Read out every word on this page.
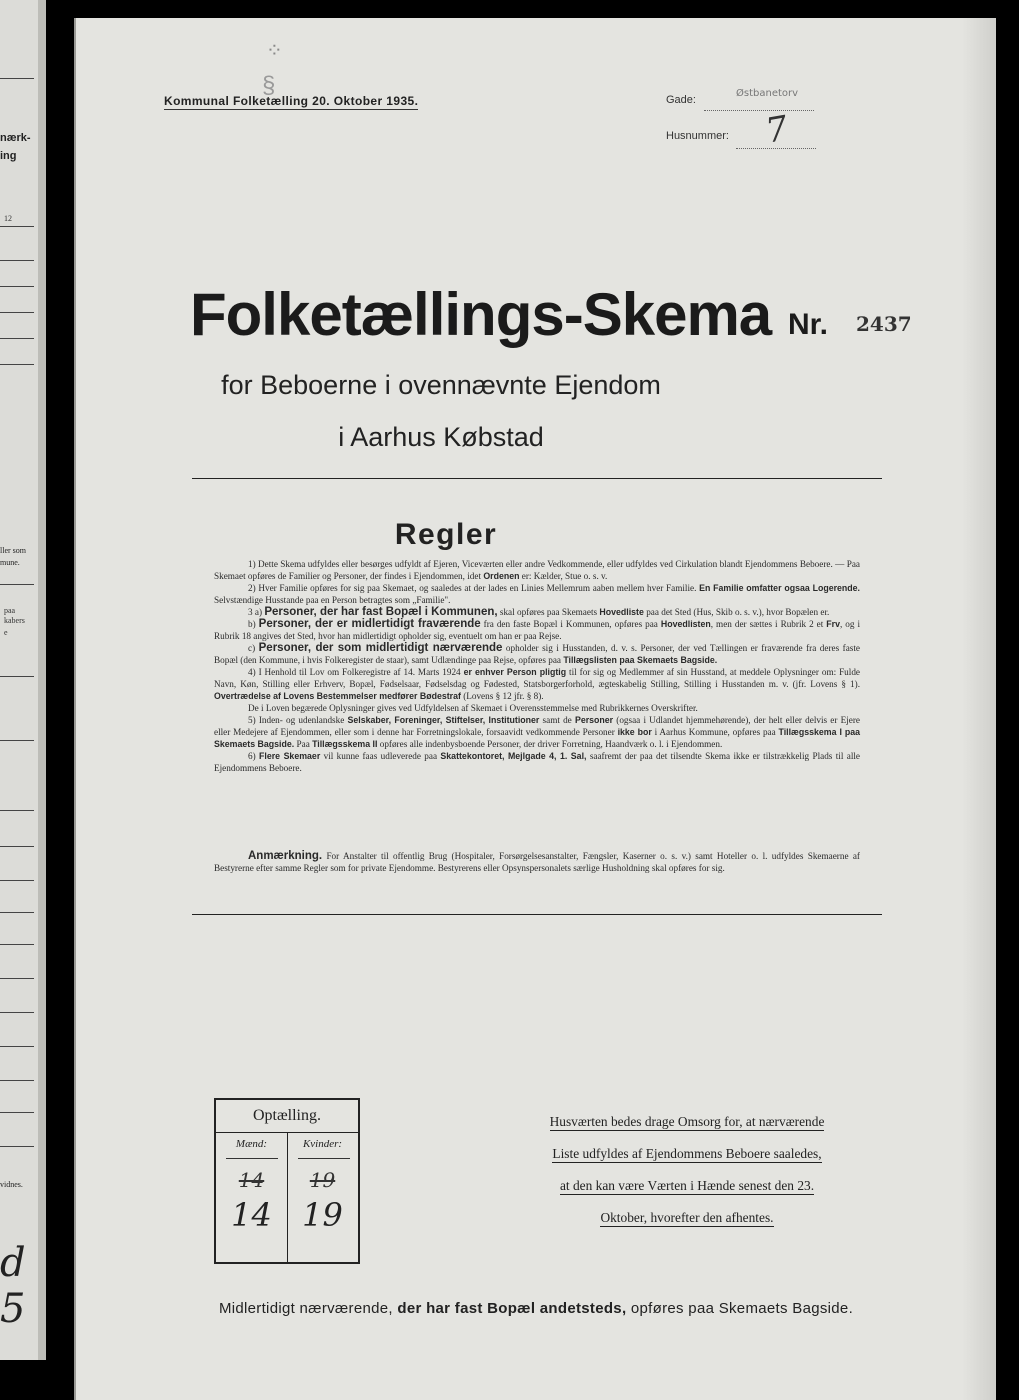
nærk-
ing
12
ller som
mune.
paa
kabers
e
vidnes.
d 5
⁘
§
Kommunal Folketælling 20. Oktober 1935.	Gade:
Østbanetorv
Husnummer: 7
Folketællings-Skema Nr. 2437
for Beboerne i ovennævnte Ejendom
i Aarhus Købstad
Regler

1) Dette Skema udfyldes eller besørges udfyldt af Ejeren, Viceværten eller andre Vedkommende, eller udfyldes ved Cirkulation blandt Ejendommens Beboere. — Paa Skemaet opføres de Familier og Personer, der findes i Ejendommen, idet Ordenen er: Kælder, Stue o. s. v.

2) Hver Familie opføres for sig paa Skemaet, og saaledes at der lades en Linies Mellemrum aaben mellem hver Familie. En Familie omfatter ogsaa Logerende. Selvstændige Husstande paa en Person betragtes som „Familie".

3 a) Personer, der har fast Bopæl i Kommunen, skal opføres paa Skemaets Hovedliste paa det Sted (Hus, Skib o. s. v.), hvor Bopælen er.

b) Personer, der er midlertidigt fraværende fra den faste Bopæl i Kommunen, opføres paa Hovedlisten, men der sættes i Rubrik 2 et Frv, og i Rubrik 18 angives det Sted, hvor han midlertidigt opholder sig, eventuelt om han er paa Rejse.

c) Personer, der som midlertidigt nærværende opholder sig i Husstanden, d. v. s. Personer, der ved Tællingen er fraværende fra deres faste Bopæl (den Kommune, i hvis Folkeregister de staar), samt Udlændinge paa Rejse, opføres paa Tillægslisten paa Skemaets Bagside.

4) I Henhold til Lov om Folkeregistre af 14. Marts 1924 er enhver Person pligtig til for sig og Medlemmer af sin Husstand, at meddele Oplysninger om: Fulde Navn, Køn, Stilling eller Erhverv, Bopæl, Fødselsaar, Fødselsdag og Fødested, Statsborgerforhold, ægteskabelig Stilling, Stilling i Husstanden m. v. (jfr. Lovens § 1). Overtrædelse af Lovens Bestemmelser medfører Bødestraf (Lovens § 12 jfr. § 8).

De i Loven begærede Oplysninger gives ved Udfyldelsen af Skemaet i Overensstemmelse med Rubrikkernes Overskrifter.

5) Inden- og udenlandske Selskaber, Foreninger, Stiftelser, Institutioner samt de Personer (ogsaa i Udlandet hjemmehørende), der helt eller delvis er Ejere eller Medejere af Ejendommen, eller som i denne har Forretningslokale, forsaavidt vedkommende Personer ikke bor i Aarhus Kommune, opføres paa Tillægsskema I paa Skemaets Bagside. Paa Tillægsskema II opføres alle indenbysboende Personer, der driver Forretning, Haandværk o. l. i Ejendommen.

6) Flere Skemaer vil kunne faas udleverede paa Skattekontoret, Mejlgade 4, 1. Sal, saafremt der paa det tilsendte Skema ikke er tilstrækkelig Plads til alle Ejendommens Beboere.

Anmærkning. For Anstalter til offentlig Brug (Hospitaler, Forsørgelsesanstalter, Fængsler, Kaserner o. s. v.) samt Hoteller o. l. udfyldes Skemaerne af Bestyrerne efter samme Regler som for private Ejendomme. Bestyrerens eller Opsynspersonalets særlige Husholdning skal opføres for sig.

Optælling.
Mænd:	Kvinder:
14	19
14 19
Husværten bedes drage Omsorg for, at nærværende
Liste udfyldes af Ejendommens Beboere saaledes,
at den kan være Værten i Hænde senest den 23.
Oktober, hvorefter den afhentes.
Midlertidigt nærværende, der har fast Bopæl andetsteds, opføres paa Skemaets Bagside.
